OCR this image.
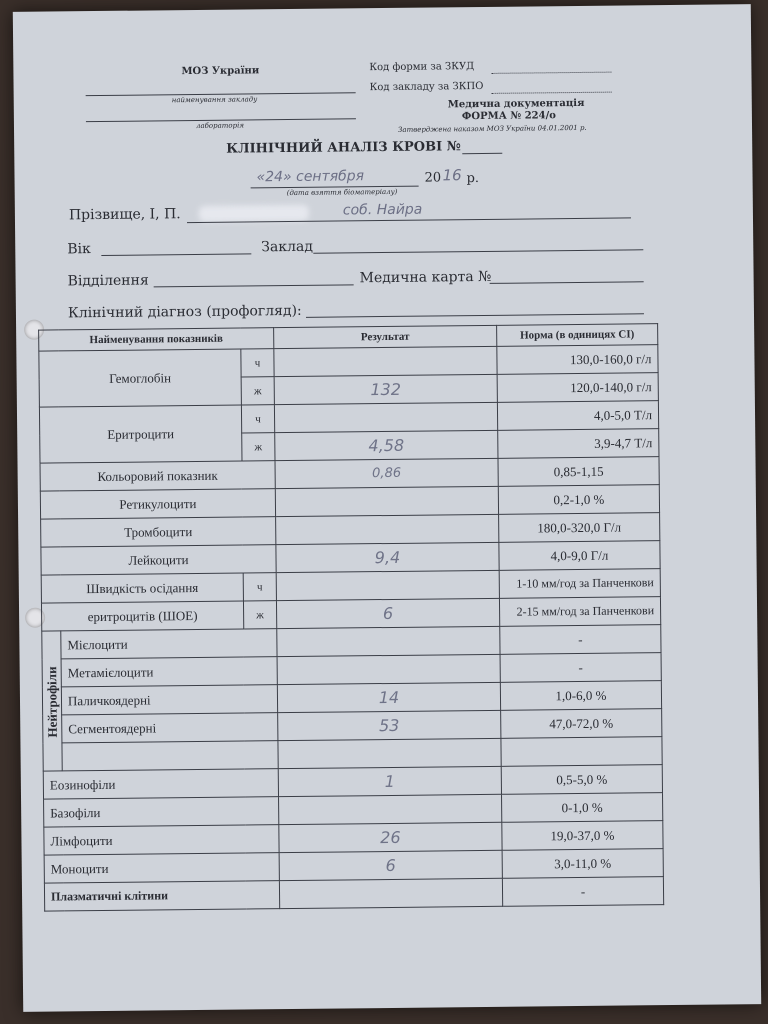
МОЗ України
найменування закладу
лабораторія
Код форми за ЗКУД
Код закладу за ЗКПО
Медична документація
ФОРМА № 224/о
Затверджена наказом МОЗ України 04.01.2001 р.
КЛІНІЧНИЙ АНАЛІЗ КРОВІ №
«24» сентября	20 16 р.
(дата взяття біоматеріалу)
Прізвище, І, П.	соб. Найра
Вік	Заклад
Відділення	Медична карта №
Клінічний діагноз (профогляд):
Найменування показників			Результат	Норма (в одиницях СІ)
Гемоглобін		ч		130,0-160,0 г/л
		ж	132	120,0-140,0 г/л
Еритроцити		ч		4,0-5,0 Т/л
		ж	4,58	3,9-4,7 Т/л
Кольоровий показник			0,86	0,85-1,15
Ретикулоцити				0,2-1,0 %
Тромбоцити				180,0-320,0 Г/л
Лейкоцити			9,4	4,0-9,0 Г/л
Швидкість осідання		ч		1-10 мм/год за Панченкови
еритроцитів (ШОЕ)		ж	6	2-15 мм/год за Панченкови
Нейтрофіли	Мієлоцити			-
	Метамієлоцити			-
	Паличкоядерні		14	1,0-6,0 %
	Сегментоядерні		53	47,0-72,0 %

Еозинофіли			1	0,5-5,0 %
Базофіли				0-1,0 %
Лімфоцити			26	19,0-37,0 %
Моноцити			6	3,0-11,0 %
Плазматичні клітини				-
